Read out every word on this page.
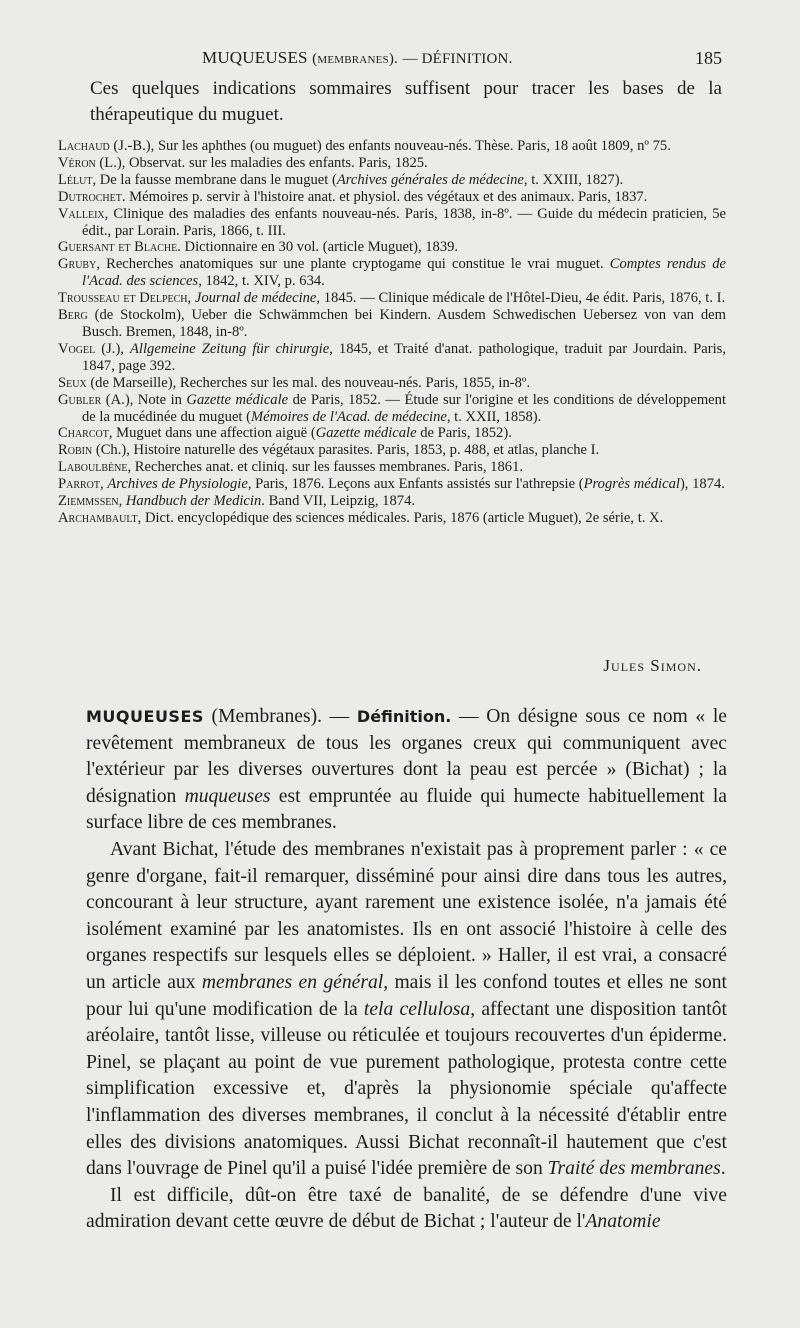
MUQUEUSES (membranes). — DÉFINITION.	185

Ces quelques indications sommaires suffisent pour tracer les bases de la thérapeutique du muguet.

Lachaud (J.-B.), Sur les aphthes (ou muguet) des enfants nouveau-nés. Thèse. Paris, 18 août 1809, nº 75.

Véron (L.), Observat. sur les maladies des enfants. Paris, 1825.

Lélut, De la fausse membrane dans le muguet (Archives générales de médecine, t. XXIII, 1827).

Dutrochet. Mémoires p. servir à l'histoire anat. et physiol. des végétaux et des animaux. Paris, 1837.

Valleix, Clinique des maladies des enfants nouveau-nés. Paris, 1838, in-8º. — Guide du médecin praticien, 5e édit., par Lorain. Paris, 1866, t. III.

Guersant et Blache. Dictionnaire en 30 vol. (article Muguet), 1839.

Gruby, Recherches anatomiques sur une plante cryptogame qui constitue le vrai muguet. Comptes rendus de l'Acad. des sciences, 1842, t. XIV, p. 634.

Trousseau et Delpech, Journal de médecine, 1845. — Clinique médicale de l'Hôtel-Dieu, 4e édit. Paris, 1876, t. I.

Berg (de Stockolm), Ueber die Schwämmchen bei Kindern. Ausdem Schwedischen Uebersez von van dem Busch. Bremen, 1848, in-8º.

Vogel (J.), Allgemeine Zeitung für chirurgie, 1845, et Traité d'anat. pathologique, traduit par Jourdain. Paris, 1847, page 392.

Seux (de Marseille), Recherches sur les mal. des nouveau-nés. Paris, 1855, in-8º.

Gubler (A.), Note in Gazette médicale de Paris, 1852. — Étude sur l'origine et les conditions de développement de la mucédinée du muguet (Mémoires de l'Acad. de médecine, t. XXII, 1858).

Charcot, Muguet dans une affection aiguë (Gazette médicale de Paris, 1852).

Robin (Ch.), Histoire naturelle des végétaux parasites. Paris, 1853, p. 488, et atlas, planche I.

Laboulbène, Recherches anat. et cliniq. sur les fausses membranes. Paris, 1861.

Parrot, Archives de Physiologie, Paris, 1876. Leçons aux Enfants assistés sur l'athrepsie (Progrès médical), 1874.

Ziemmssen, Handbuch der Medicin. Band VII, Leipzig, 1874.

Archambault, Dict. encyclopédique des sciences médicales. Paris, 1876 (article Muguet), 2e série, t. X.

Jules Simon.

MUQUEUSES (Membranes). — Définition. — On désigne sous ce nom « le revêtement membraneux de tous les organes creux qui communiquent avec l'extérieur par les diverses ouvertures dont la peau est percée » (Bichat) ; la désignation muqueuses est empruntée au fluide qui humecte habituellement la surface libre de ces membranes.

Avant Bichat, l'étude des membranes n'existait pas à proprement parler : « ce genre d'organe, fait-il remarquer, disséminé pour ainsi dire dans tous les autres, concourant à leur structure, ayant rarement une existence isolée, n'a jamais été isolément examiné par les anatomistes. Ils en ont associé l'histoire à celle des organes respectifs sur lesquels elles se déploient. » Haller, il est vrai, a consacré un article aux membranes en général, mais il les confond toutes et elles ne sont pour lui qu'une modification de la tela cellulosa, affectant une disposition tantôt aréolaire, tantôt lisse, villeuse ou réticulée et toujours recouvertes d'un épiderme. Pinel, se plaçant au point de vue purement pathologique, protesta contre cette simplification excessive et, d'après la physionomie spéciale qu'affecte l'inflammation des diverses membranes, il conclut à la nécessité d'établir entre elles des divisions anatomiques. Aussi Bichat reconnaît-il hautement que c'est dans l'ouvrage de Pinel qu'il a puisé l'idée première de son Traité des membranes.

Il est difficile, dût-on être taxé de banalité, de se défendre d'une vive admiration devant cette œuvre de début de Bichat ; l'auteur de l'Anatomie
